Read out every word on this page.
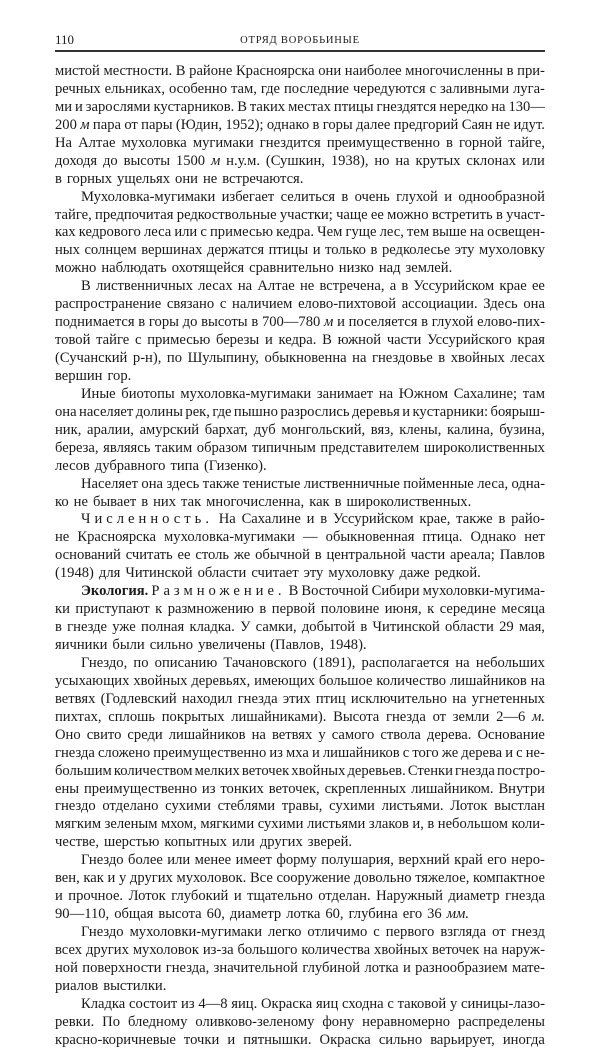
110	ОТРЯД ВОРОБЬИНЫЕ
мистой местности. В районе Красноярска они наиболее многочисленны в при-
речных ельниках, особенно там, где последние чередуются с заливными луга-
ми и зарослями кустарников. В таких местах птицы гнездятся нередко на 130—
200 м пара от пары (Юдин, 1952); однако в горы далее предгорий Саян не идут.
На Алтае мухоловка мугимаки гнездится преимущественно в горной тайге,
доходя до высоты 1500 м н.у.м. (Сушкин, 1938), но на крутых склонах или
в горных ущельях они не встречаются.
Мухоловка-мугимаки избегает селиться в очень глухой и однообразной
тайге, предпочитая редкоствольные участки; чаще ее можно встретить в участ-
ках кедрового леса или с примесью кедра. Чем гуще лес, тем выше на освещен-
ных солнцем вершинах держатся птицы и только в редколесье эту мухоловку
можно наблюдать охотящейся сравнительно низко над землей.
В лиственничных лесах на Алтае не встречена, а в Уссурийском крае ее
распространение связано с наличием елово-пихтовой ассоциации. Здесь она
поднимается в горы до высоты в 700—780 м и поселяется в глухой елово-пих-
товой тайге с примесью березы и кедра. В южной части Уссурийского края
(Сучанский р-н), по Шулыпину, обыкновенна на гнездовье в хвойных лесах
вершин гор.
Иные биотопы мухоловка-мугимаки занимает на Южном Сахалине; там
она населяет долины рек, где пышно разрослись деревья и кустарники: боярыш-
ник, аралии, амурский бархат, дуб монгольский, вяз, клены, калина, бузина,
береза, являясь таким образом типичным представителем широколиственных
лесов дубравного типа (Гизенко).
Населяет она здесь также тенистые лиственничные пойменные леса, однa-
ко не бывает в них так многочисленна, как в широколиственных.
Численность. На Сахалине и в Уссурийском крае, также в райо-
не Красноярска мухоловка-мугимаки — обыкновенная птица. Однако нет
оснований считать ее столь же обычной в центральной части ареала; Павлов
(1948) для Читинской области считает эту мухоловку даже редкой.
Экология. Размножение. В Восточной Сибири мухоловки-мугима-
ки приступают к размножению в первой половине июня, к середине месяца
в гнезде уже полная кладка. У самки, добытой в Читинской области 29 мая,
яичники были сильно увеличены (Павлов, 1948).
Гнездо, по описанию Тачановского (1891), располагается на небольших
усыхающих хвойных деревьях, имеющих большое количество лишайников на
ветвях (Годлевский находил гнезда этих птиц исключительно на угнетенных
пихтах, сплошь покрытых лишайниками). Высота гнезда от земли 2—6 м.
Оно свито среди лишайников на ветвях у самого ствола дерева. Основание
гнезда сложено преимущественно из мха и лишайников с того же дерева и с не-
большим количеством мелких веточек хвойных деревьев. Стенки гнезда постро-
ены преимущественно из тонких веточек, скрепленных лишайником. Внутри
гнездо отделано сухими стеблями травы, сухими листьями. Лоток выстлан
мягким зеленым мхом, мягкими сухими листьями злаков и, в небольшом коли-
честве, шерстью копытных или других зверей.
Гнездо более или менее имеет форму полушария, верхний край его неро-
вен, как и у других мухоловок. Все сооружение довольно тяжелое, компактное
и прочное. Лоток глубокий и тщательно отделан. Наружный диаметр гнезда
90—110, общая высота 60, диаметр лотка 60, глубина его 36 мм.
Гнездо мухоловки-мугимаки легко отличимо с первого взгляда от гнезд
всех других мухоловок из-за большого количества хвойных веточек на наруж-
ной поверхности гнезда, значительной глубиной лотка и разнообразием мате-
риалов выстилки.
Кладка состоит из 4—8 яиц. Окраска яиц сходна с таковой у синицы-лазо-
ревки. По бледному оливково-зеленому фону неравномерно распределены
красно-коричневые точки и пятнышки. Окраска сильно варьирует, иногда
